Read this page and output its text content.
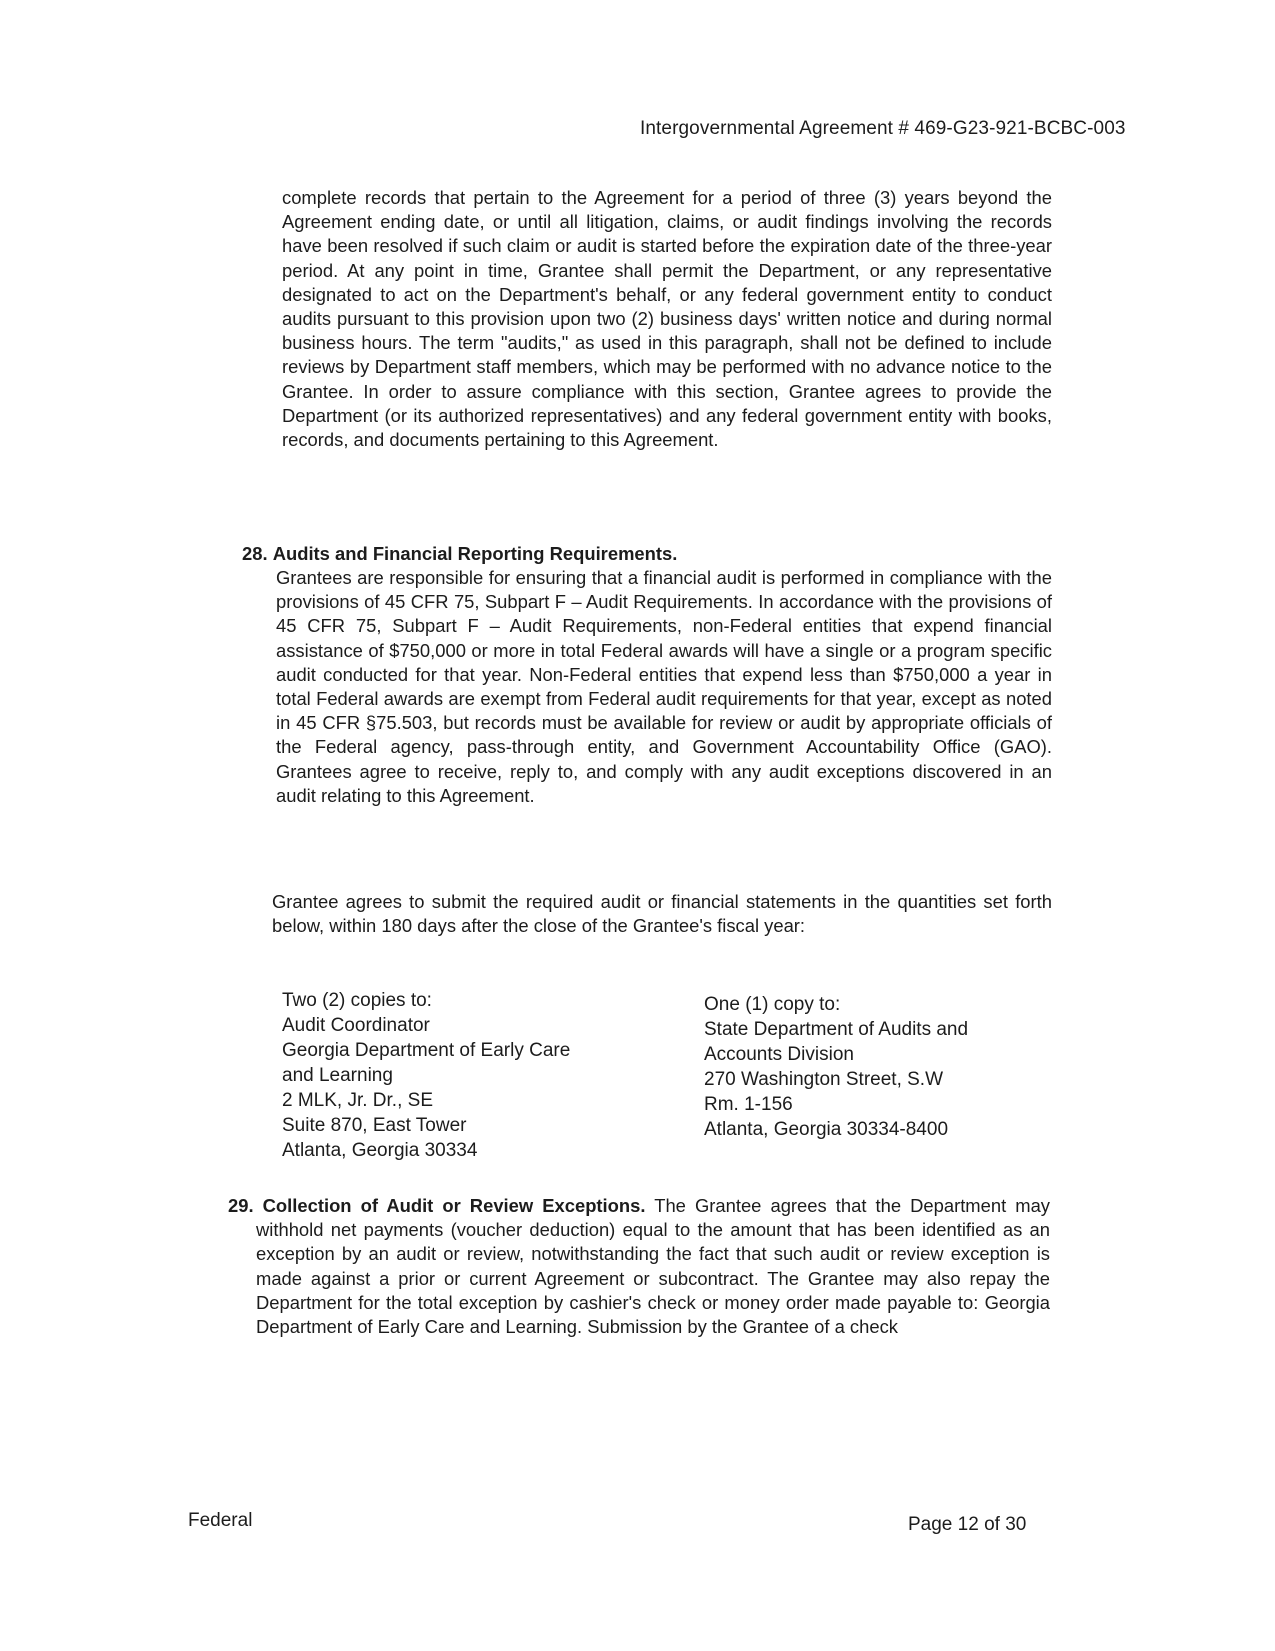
Intergovernmental Agreement # 469-G23-921-BCBC-003
complete records that pertain to the Agreement for a period of three (3) years beyond the Agreement ending date, or until all litigation, claims, or audit findings involving the records have been resolved if such claim or audit is started before the expiration date of the three-year period. At any point in time, Grantee shall permit the Department, or any representative designated to act on the Department's behalf, or any federal government entity to conduct audits pursuant to this provision upon two (2) business days' written notice and during normal business hours. The term "audits," as used in this paragraph, shall not be defined to include reviews by Department staff members, which may be performed with no advance notice to the Grantee. In order to assure compliance with this section, Grantee agrees to provide the Department (or its authorized representatives) and any federal government entity with books, records, and documents pertaining to this Agreement.
28. Audits and Financial Reporting Requirements.
Grantees are responsible for ensuring that a financial audit is performed in compliance with the provisions of 45 CFR 75, Subpart F – Audit Requirements. In accordance with the provisions of 45 CFR 75, Subpart F – Audit Requirements, non-Federal entities that expend financial assistance of $750,000 or more in total Federal awards will have a single or a program specific audit conducted for that year. Non-Federal entities that expend less than $750,000 a year in total Federal awards are exempt from Federal audit requirements for that year, except as noted in 45 CFR §75.503, but records must be available for review or audit by appropriate officials of the Federal agency, pass-through entity, and Government Accountability Office (GAO). Grantees agree to receive, reply to, and comply with any audit exceptions discovered in an audit relating to this Agreement.
Grantee agrees to submit the required audit or financial statements in the quantities set forth below, within 180 days after the close of the Grantee's fiscal year:
Two (2) copies to:
Audit Coordinator
Georgia Department of Early Care
and Learning
2 MLK, Jr. Dr., SE
Suite 870, East Tower
Atlanta, Georgia 30334
One (1) copy to:
State Department of Audits and
Accounts Division
270 Washington Street, S.W
Rm. 1-156
Atlanta, Georgia 30334-8400
29. Collection of Audit or Review Exceptions. The Grantee agrees that the Department may withhold net payments (voucher deduction) equal to the amount that has been identified as an exception by an audit or review, notwithstanding the fact that such audit or review exception is made against a prior or current Agreement or subcontract. The Grantee may also repay the Department for the total exception by cashier's check or money order made payable to: Georgia Department of Early Care and Learning. Submission by the Grantee of a check
Federal	Page 12 of 30
